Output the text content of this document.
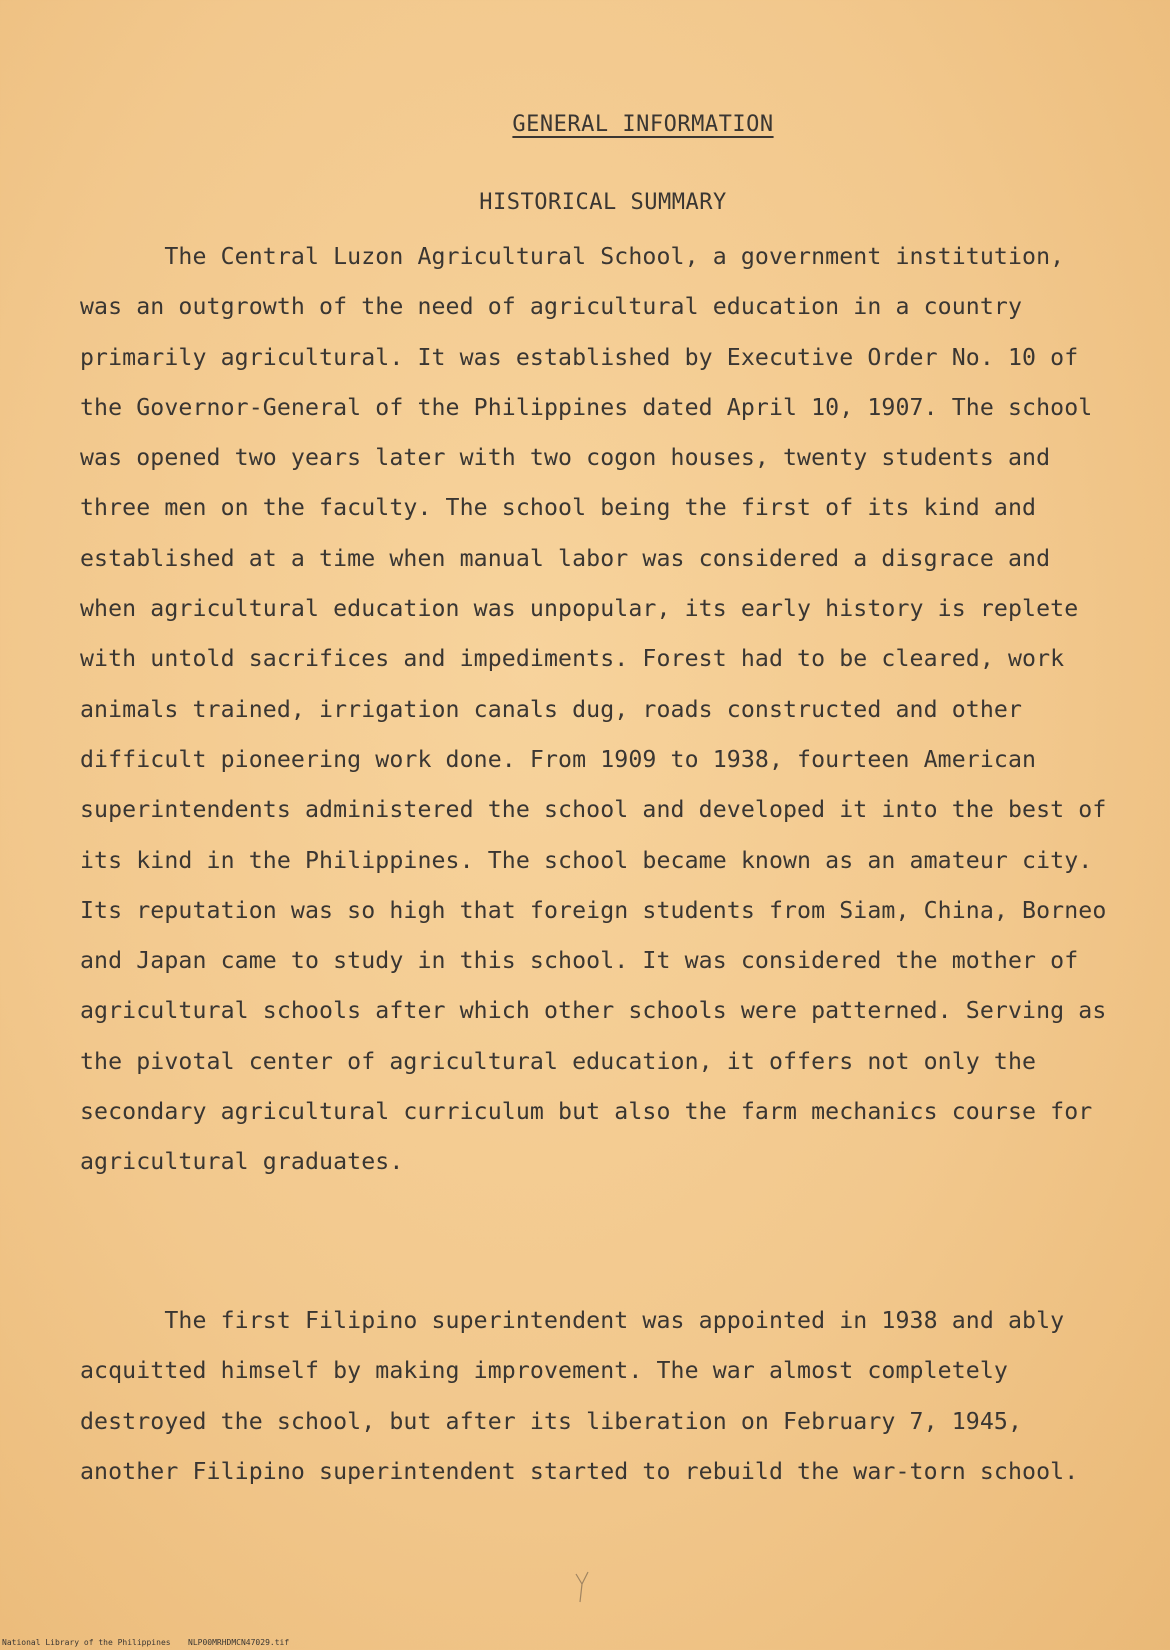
GENERAL INFORMATION
HISTORICAL SUMMARY

The Central Luzon Agricultural School, a government institution, was an outgrowth of the need of agricultural education in a country primarily agricultural. It was established by Executive Order No. 10 of the Governor-General of the Philippines dated April 10, 1907. The school was opened two years later with two cogon houses, twenty students and three men on the faculty. The school being the first of its kind and established at a time when manual labor was considered a disgrace and when agricultural education was unpopular, its early history is replete with untold sacrifices and impediments. Forest had to be cleared, work animals trained, irrigation canals dug, roads constructed and other difficult pioneering work done. From 1909 to 1938, fourteen American superintendents administered the school and developed it into the best of its kind in the Philippines. The school became known as an amateur city. Its reputation was so high that foreign students from Siam, China, Borneo and Japan came to study in this school. It was considered the mother of agricultural schools after which other schools were patterned. Serving as the pivotal center of agricultural education, it offers not only the secondary agricultural curriculum but also the farm mechanics course for agricultural graduates.

The first Filipino superintendent was appointed in 1938 and ably acquitted himself by making improvement. The war almost completely destroyed the school, but after its liberation on February 7, 1945, another Filipino superintendent started to rebuild the war-torn school.

National Library of the Philippines NLP00MRHDMCN47029.tif
